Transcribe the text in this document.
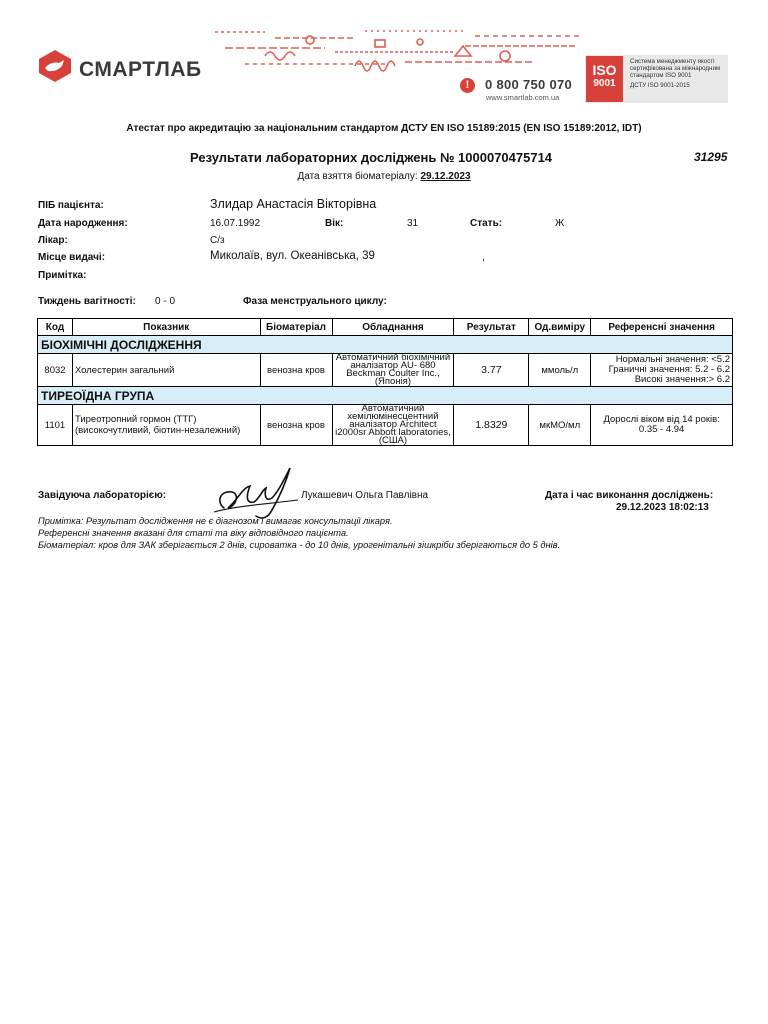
СМАРТЛАБ
!	0 800 750 070
www.smartlab.com.ua
ISO
9001
Система менеджменту якості сертифікована за міжнародним стандартом ISO 9001
ДСТУ ISO 9001-2015
Атестат про акредитацію за національним стандартом ДСТУ EN ISO 15189:2015 (EN ISO 15189:2012, IDT)
Результати лабораторних досліджень № 1000070475714	31295
Дата взяття біоматеріалу: 29.12.2023
ПІБ пацієнта:	Злидар Анастасія Вікторівна
Дата народження:	16.07.1992	Вік:	31	Стать:	Ж
Лікар:	С/з
Місце видачі:	Миколаїв, вул. Океанівська, 39	,
Примітка:
Тиждень вагітності: 0 - 0	Фаза менструального циклу:
Код	Показник	Біоматеріал	Обладнання	Результат	Од.виміру	Референсні значення
БІОХІМІЧНІ ДОСЛІДЖЕННЯ						
8032	Холестерин загальний	венозна кров	Автоматичний біохімічний аналізатор AU- 680 Beckman Coulter Inc., (Японія)	3.77	ммоль/л	Нормальні значення: <5.2
Граничні значення: 5.2 - 6.2
Високі значення:> 6.2

ТИРЕОЇДНА ГРУПА						
1101	Тиреотропний гормон (ТТГ) (високочутливий, біотин-незалежний)	венозна кров	Автоматичний хемілюмінесцентний аналізатор Architect i2000sr Abbott laboratories, (США)	1.8329	мкМО/мл	Дорослі віком від 14 років: 0.35 - 4.94
Завідуюча лабораторією:	Лукашевич Ольга Павлівна	Дата і час виконання досліджень:
29.12.2023 18:02:13
Примітка: Результат дослідження не є діагнозом і вимагає консультації лікаря.
Референсні значення вказані для статі та віку відповідного пацієнта.
Біоматеріал: кров для ЗАК зберігається 2 днів, сироватка - до 10 днів, урогенітальні зішкріби зберігаються до 5 днів.
